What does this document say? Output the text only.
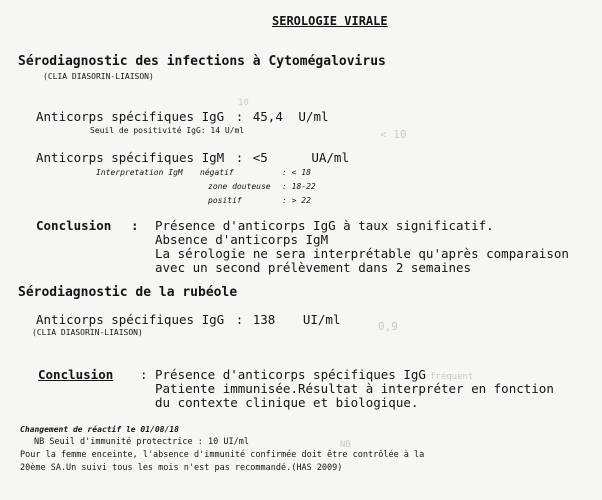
10
< 10
fréquent
0,9
NB
SEROLOGIE VIRALE
Sérodiagnostic des infections à Cytomégalovirus
(CLIA DIASORIN-LIAISON)
Anticorps spécifiques IgG : 45,4 U/ml
Seuil de positivité IgG: 14 U/ml
Anticorps spécifiques IgM : <5	UA/ml
Interpretation IgM négatif	: < 18
zone douteuse : 18-22
positif	: > 22
Conclusion : Présence d'anticorps IgG à taux significatif.
Absence d'anticorps IgM
La sérologie ne sera interprétable qu'après comparaison
avec un second prélèvement dans 2 semaines
Sérodiagnostic de la rubéole
Anticorps spécifiques IgG : 138 UI/ml
(CLIA DIASORIN-LIAISON)
Conclusion : Présence d'anticorps spécifiques IgG
Patiente immunisée.Résultat à interpréter en fonction
du contexte clinique et biologique.
Changement de réactif le 01/08/18
NB Seuil d'immunité protectrice : 10 UI/ml
Pour la femme enceinte, l'absence d'immunité confirmée doit être contrôlée à la
20ème SA.Un suivi tous les mois n'est pas recommandé.(HAS 2009)
